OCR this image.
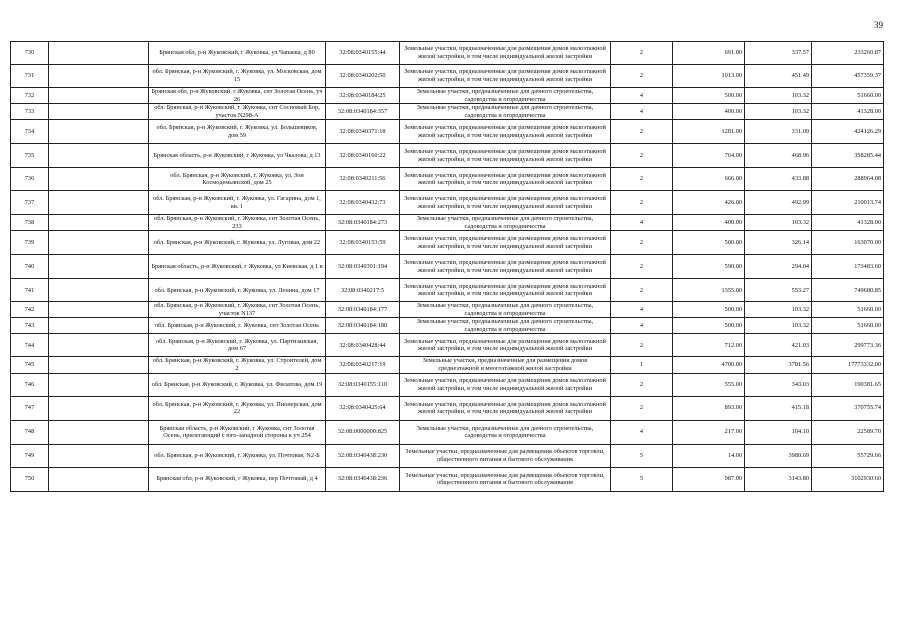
39
730		Брянская обл, р-н Жуковский, г Жуковка, ул Чапаева, д 80	32:08:0340155:44	Земельные участки, предназначенные для размещения домов малоэтажной жилой застройки, в том числе индивидуальной жилой застройки	2	691.00	337.57	233260.87
731		обл. Брянская, р-н Жуковский, г. Жуковка, ул. Московская, дом 15	32:08:0340202:50	Земельные участки, предназначенные для размещения домов малоэтажной жилой застройки, в том числе индивидуальной жилой застройки	2	1013.00	451.49	457359.37
732		Брянская обл, р-н Жуковский, г Жуковка, снт Золотая Осень, уч 26	32:08:0340184:25	Земельные участки, предназначенные для дачного строительства, садоводства и огородничества	4	500.00	103.32	51660.00
733		обл. Брянская, р-н Жуковский, г. Жуковка, снт Сосновый Бор, участок N298-А	32:08:0340184:357	Земельные участки, предназначенные для дачного строительства, садоводства и огородничества	4	400.00	103.32	41328.00
734		обл. Брянская, р-н Жуковский, г. Жуковка, ул. Большевиков, дом 59	32:08:0340371:18	Земельные участки, предназначенные для размещения домов малоэтажной жилой застройки, в том числе индивидуальной жилой застройки	2	1281.00	331.09	424126.29
735		Брянская область, р-н Жуковский, г Жуковка, ул Чкалова, д 13	32:08:0340160:22	Земельные участки, предназначенные для размещения домов малоэтажной жилой застройки, в том числе индивидуальной жилой застройки	2	764.00	468.96	358285.44
736		обл. Брянская, р-н Жуковский, г. Жуковка, ул. Зои Космодемьянской, дом 25	32:08:0340211:56	Земельные участки, предназначенные для размещения домов малоэтажной жилой застройки, в том числе индивидуальной жилой застройки	2	666.00	433.88	288964.08
737		обл. Брянская, р-н Жуковский, г. Жуковка, ул. Гагарина, дом 1, кв. 1	32:08:0340432:73	Земельные участки, предназначенные для размещения домов малоэтажной жилой застройки, в том числе индивидуальной жилой застройки	2	426.00	492.99	210013.74
738		обл. Брянская, р-н Жуковский, г. Жуковка, снт Золотая Осень, 233	32:08:0340184:273	Земельные участки, предназначенные для дачного строительства, садоводства и огородничества	4	400.00	103.32	41328.00
739		обл. Брянская, р-н Жуковский, г. Жуковка, ул. Луговая, дом 22	32:08:0340153:59	Земельные участки, предназначенные для размещения домов малоэтажной жилой застройки, в том числе индивидуальной жилой застройки	2	500.00	326.14	163070.00
740		Брянская область, р-н Жуковский, г Жуковка, ул Киевская, д 1 в	32:08:0340391:194	Земельные участки, предназначенные для размещения домов малоэтажной жилой застройки, в том числе индивидуальной жилой застройки	2	590.00	294.04	173483.60
741		обл. Брянская, р-н Жуковский, г. Жуковка, ул. Ленина, дом 17	32:08:0340217:5	Земельные участки, предназначенные для размещения домов малоэтажной жилой застройки, в том числе индивидуальной жилой застройки	2	1355.00	553.27	749680.85
742		обл. Брянская, р-н Жуковский, г. Жуковка, снт Золотая Осень, участок N137	32:08:0340184:177	Земельные участки, предназначенные для дачного строительства, садоводства и огородничества	4	500.00	103.32	51660.00
743		обл. Брянская, р-н Жуковский, г. Жуковка, снт Золотая Осень	32:08:0340184:180	Земельные участки, предназначенные для дачного строительства, садоводства и огородничества	4	500.00	103.32	51660.00
744		обл. Брянская, р-н Жуковский, г. Жуковка, ул. Партизанская, дом 67	32:08:0340428:44	Земельные участки, предназначенные для размещения домов малоэтажной жилой застройки, в том числе индивидуальной жилой застройки	2	712.00	421.03	299773.36
745		обл. Брянская, р-н Жуковский, г. Жуковка, ул. Строителей, дом 2	32:08:0340217:19	Земельные участки, предназначенные для размещения домов среднеэтажной и многоэтажной жилой застройки	1	4700.00	3781.56	17773332.00
746		обл. Брянская, р-н Жуковский, г. Жуковка, ул. Филатова, дом 19	32:08:0340155:110	Земельные участки, предназначенные для размещения домов малоэтажной жилой застройки, в том числе индивидуальной жилой застройки	2	555.00	343.03	190381.65
747		обл. Брянская, р-н Жуковский, г. Жуковка, ул. Пионерская, дом 22	32:08:0340425:64	Земельные участки, предназначенные для размещения домов малоэтажной жилой застройки, в том числе индивидуальной жилой застройки	2	893.00	415.18	370755.74
748		Брянская область, р-н Жуковский, г Жуковка, снт Золотая Осень, прилегающий с юго-западной стороны к уч 254	32:08:0000000:825	Земельные участки, предназначенные для дачного строительства, садоводства и огородничества	4	217.00	104.10	22589.70
749		обл. Брянская, р-н Жуковский, г. Жуковка, ул. Почтовая, N2-Б	32:08:0340438:230	Земельные участки, предназначенные для размещения объектов торговли, общественного питания и бытового обслуживания	5	14.00	3980.69	55729.66
750		Брянская обл, р-н Жуковский, г Жуковка, пер Почтовый, д 4	32:08:0340438:236	Земельные участки, предназначенные для размещения объектов торговли, общественного питания и бытового обслуживания	5	987.00	3143.80	3102930.60
